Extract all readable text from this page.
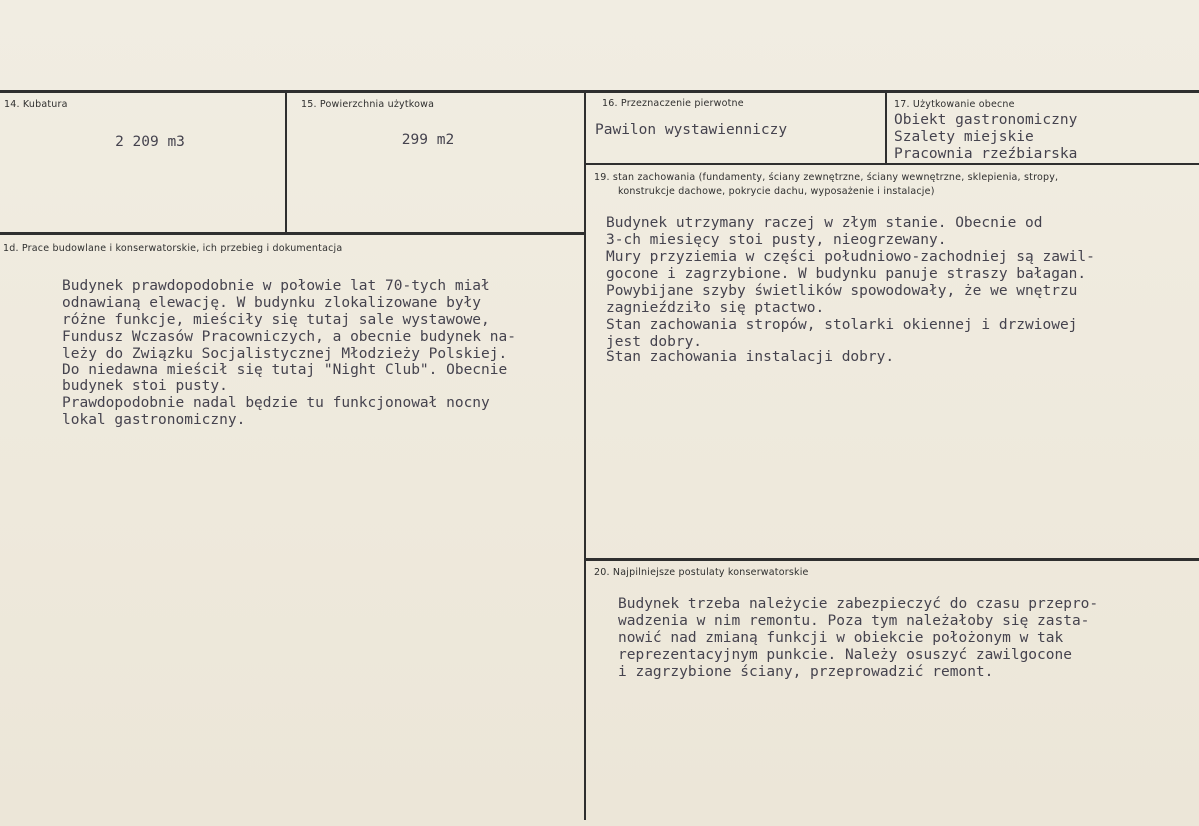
14. Kubatura
2 209 m3
15. Powierzchnia użytkowa
299 m2
16. Przeznaczenie pierwotne
Pawilon wystawienniczy
17. Użytkowanie obecne
Obiekt gastronomiczny
Szalety miejskie
Pracownia rzeźbiarska
19. stan zachowania (fundamenty, ściany zewnętrzne, ściany wewnętrzne, sklepienia, stropy,
konstrukcje dachowe, pokrycie dachu, wyposażenie i instalacje)
Budynek utrzymany raczej w złym stanie. Obecnie od
3-ch miesięcy stoi pusty, nieogrzewany.
Mury przyziemia w części południowo-zachodniej są zawil-
gocone i zagrzybione. W budynku panuje straszy bałagan.
Powybijane szyby świetlików spowodowały, że we wnętrzu
zagnieździło się ptactwo.
Stan zachowania stropów, stolarki okiennej i drzwiowej
jest dobry.
Stan zachowania instalacji dobry.
1d. Prace budowlane i konserwatorskie, ich przebieg i dokumentacja
Budynek prawdopodobnie w połowie lat 70-tych miał
odnawianą elewację. W budynku zlokalizowane były
różne funkcje, mieściły się tutaj sale wystawowe,
Fundusz Wczasów Pracowniczych, a obecnie budynek na-
leży do Związku Socjalistycznej Młodzieży Polskiej.
Do niedawna mieścił się tutaj "Night Club". Obecnie
budynek stoi pusty.
Prawdopodobnie nadal będzie tu funkcjonował nocny
lokal gastronomiczny.
20. Najpilniejsze postulaty konserwatorskie
Budynek trzeba należycie zabezpieczyć do czasu przepro-
wadzenia w nim remontu. Poza tym należałoby się zasta-
nowić nad zmianą funkcji w obiekcie położonym w tak
reprezentacyjnym punkcie. Należy osuszyć zawilgocone
i zagrzybione ściany, przeprowadzić remont.
